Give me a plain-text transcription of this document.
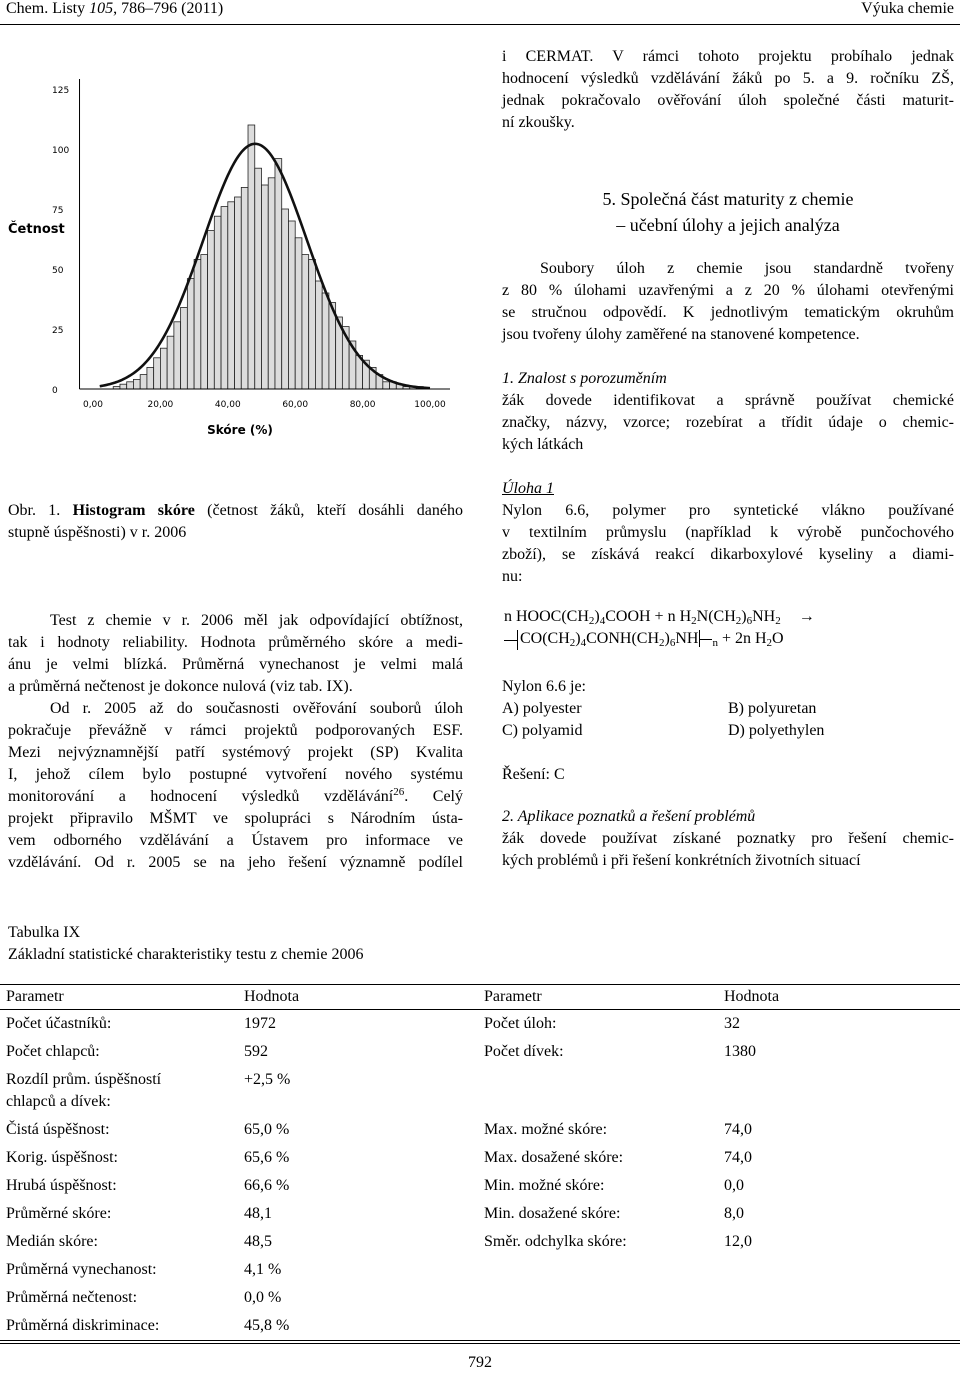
Chem. Listy 105, 786–796 (2011)	Výuka chemie
0
25
50
75
100
125
0,00	20,00	40,00	60,00	80,00	100,00
Četnost
Skóre (%)
Obr. 1. Histogram skóre (četnost žáků, kteří dosáhli daného
stupně úspěšnosti) v r. 2006
Test z chemie v r. 2006 měl jak odpovídající obtížnost,
tak i hodnoty reliability. Hodnota průměrného skóre a medi-
ánu je velmi blízká. Průměrná vynechanost je velmi malá
a průměrná nečtenost je dokonce nulová (viz tab. IX).
Od r. 2005 až do současnosti ověřování souborů úloh
pokračuje převážně v rámci projektů podporovaných ESF.
Mezi nejvýznamnější patří systémový projekt (SP) Kvalita
I, jehož cílem bylo postupné vytvoření nového systému
monitorování a hodnocení výsledků vzdělávání$^{26}$. Celý
projekt připravilo MŠMT ve spolupráci s Národním ústa-
vem odborného vzdělávání a Ústavem pro informace ve
vzdělávání. Od r. 2005 se na jeho řešení významně podílel
i CERMAT. V rámci tohoto projektu probíhalo jednak
hodnocení výsledků vzdělávání žáků po 5. a 9. ročníku ZŠ,
jednak pokračovalo ověřování úloh společné části maturit-
ní zkoušky.
5. Společná část maturity z chemie
– učební úlohy a jejich analýza
Soubory úloh z chemie jsou standardně tvořeny
z 80 % úlohami uzavřenými a z 20 % úlohami otevřenými
se stručnou odpovědí. K jednotlivým tematickým okruhům
jsou tvořeny úlohy zaměřené na stanovené kompetence.
1. Znalost s porozuměním
žák dovede identifikovat a správně používat chemické
značky, názvy, vzorce; rozebírat a třídit údaje o chemic-
kých látkách
Úloha 1
Nylon 6.6, polymer pro syntetické vlákno používané
v textilním průmyslu (například k výrobě punčochového
zboží), se získává reakcí dikarboxylové kyseliny a diami-
nu:
n $HOOC(CH_2)_4COOH + n$ $H_2N(CH_2)_6NH_2$ →
$CO(CH_2)_4CONH(CH_2)_6NH$ $_n$ + 2n $H_2O$
Nylon 6.6 je:
A) polyester	B) polyuretan
C) polyamid	D) polyethylen
Řešení: C
2. Aplikace poznatků a řešení problémů
žák dovede používat získané poznatky pro řešení chemic-
kých problémů i při řešení konkrétních životních situací
Tabulka IX
Základní statistické charakteristiky testu z chemie 2006
Parametr	Hodnota	Parametr	Hodnota
Počet účastníků:	1972	Počet úloh:	32
Počet chlapců:	592	Počet dívek:	1380
Rozdíl prům. úspěšností chlapců a dívek:	+2,5 %		
Čistá úspěšnost:	65,0 %	Max. možné skóre:	74,0
Korig. úspěšnost:	65,6 %	Max. dosažené skóre:	74,0
Hrubá úspěšnost:	66,6 %	Min. možné skóre:	0,0
Průměrné skóre:	48,1	Min. dosažené skóre:	8,0
Medián skóre:	48,5	Směr. odchylka skóre:	12,0
Průměrná vynechanost:	4,1 %		
Průměrná nečtenost:	0,0 %		
Průměrná diskriminace:	45,8 %		
792
